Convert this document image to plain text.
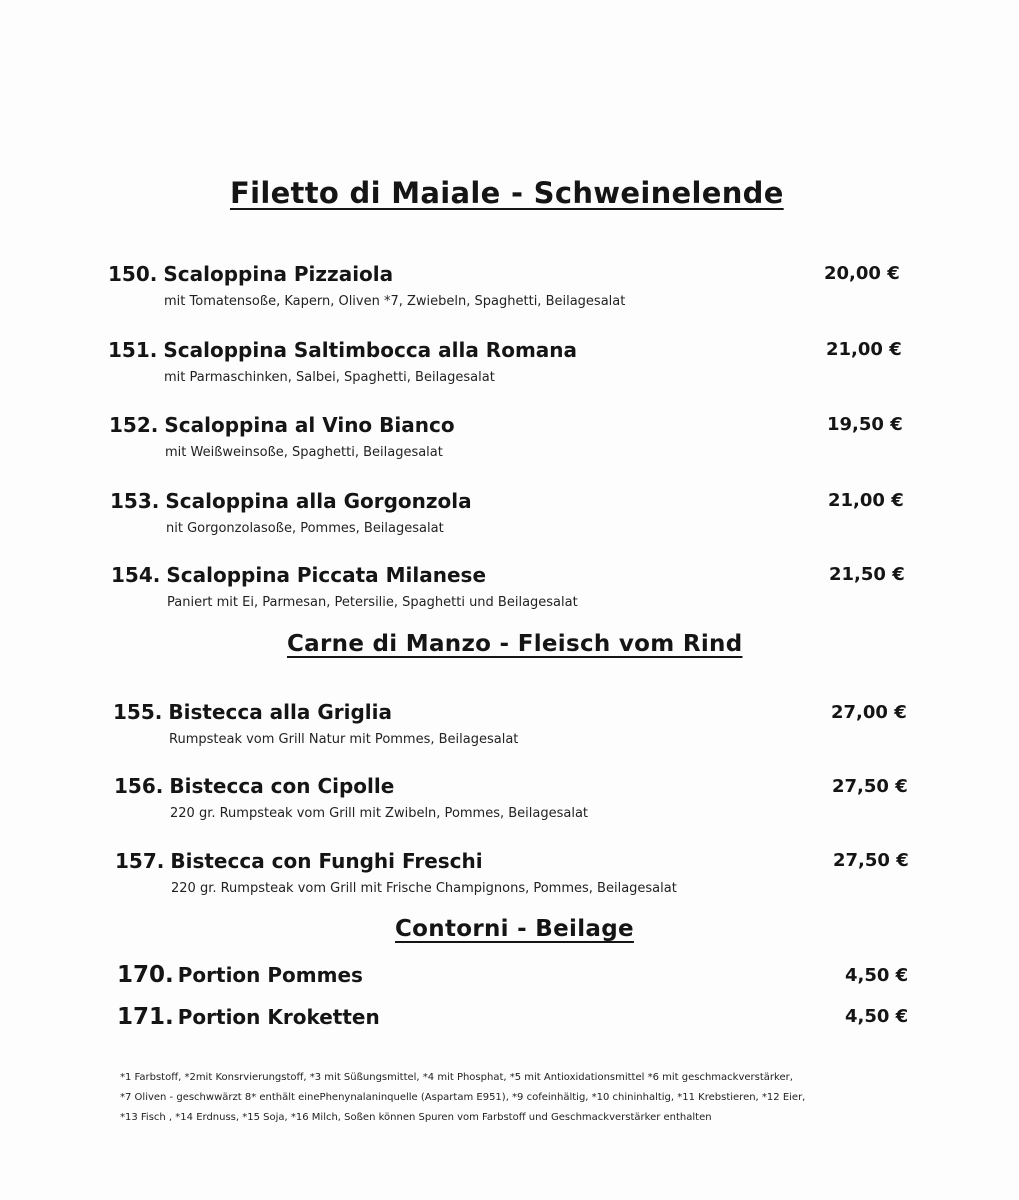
Filetto di Maiale - Schweinelende
150. Scaloppina Pizzaiola
mit Tomatensoße, Kapern, Oliven *7, Zwiebeln, Spaghetti, Beilagesalat
20,00 €
151. Scaloppina Saltimbocca alla Romana
mit Parmaschinken, Salbei, Spaghetti, Beilagesalat
21,00 €
152. Scaloppina al Vino Bianco
mit Weißweinsoße, Spaghetti, Beilagesalat
19,50 €
153. Scaloppina alla Gorgonzola
nit Gorgonzolasoße, Pommes, Beilagesalat
21,00 €
154. Scaloppina Piccata Milanese
Paniert mit Ei, Parmesan, Petersilie, Spaghetti und Beilagesalat
21,50 €
Carne di Manzo - Fleisch vom Rind
155. Bistecca alla Griglia
Rumpsteak vom Grill Natur mit Pommes, Beilagesalat
27,00 €
156. Bistecca con Cipolle
220 gr. Rumpsteak vom Grill mit Zwibeln, Pommes, Beilagesalat
27,50 €
157. Bistecca con Funghi Freschi
220 gr. Rumpsteak vom Grill mit Frische Champignons, Pommes, Beilagesalat
27,50 €
Contorni - Beilage
170. Portion Pommes	4,50 €
171. Portion Kroketten	4,50 €
*1 Farbstoff, *2mit Konsrvierungstoff, *3 mit Süßungsmittel, *4 mit Phosphat, *5 mit Antioxidationsmittel *6 mit geschmackverstärker,
*7 Oliven - geschwwärzt 8* enthält einePhenynalaninquelle (Aspartam E951), *9 cofeinhältig, *10 chininhaltig, *11 Krebstieren, *12 Eier,
*13 Fisch , *14 Erdnuss, *15 Soja, *16 Milch, Soßen können Spuren vom Farbstoff und Geschmackverstärker enthalten
